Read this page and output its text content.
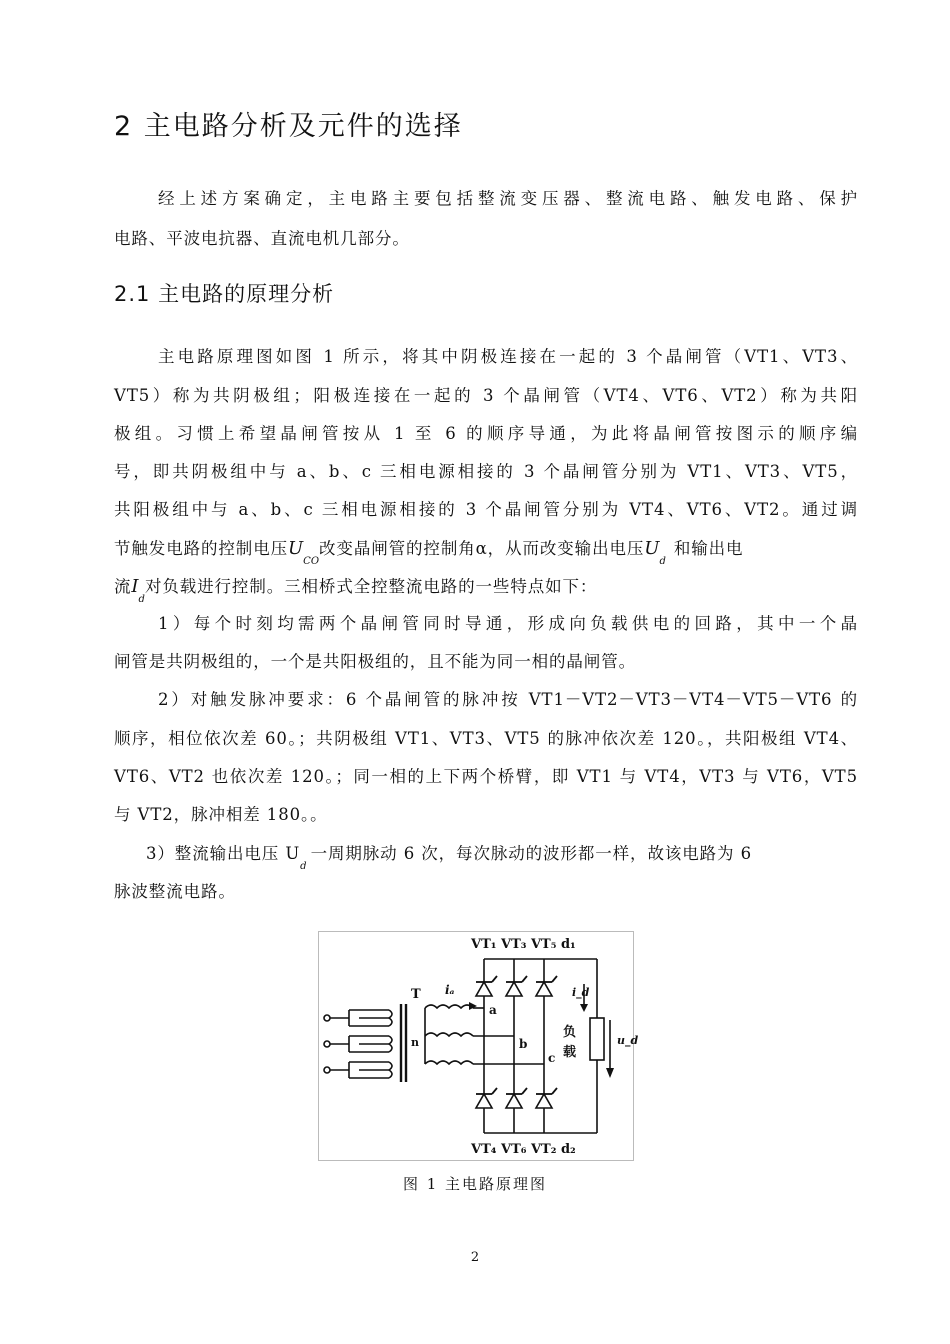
2 主电路分析及元件的选择
经上述方案确定，主电路主要包括整流变压器、整流电路、触发电路、保护
电路、平波电抗器、直流电机几部分。
2.1 主电路的原理分析
主电路原理图如图 1 所示，将其中阴极连接在一起的 3 个晶闸管（VT1、VT3、
VT5）称为共阴极组；阳极连接在一起的 3 个晶闸管（VT4、VT6、VT2）称为共阳
极组。习惯上希望晶闸管按从 1 至 6 的顺序导通，为此将晶闸管按图示的顺序编
号，即共阴极组中与 a、b、c 三相电源相接的 3 个晶闸管分别为 VT1、VT3、VT5，
共阳极组中与 a、b、c 三相电源相接的 3 个晶闸管分别为 VT4、VT6、VT2。通过调
节触发电路的控制电压$U_{CO}$改变晶闸管的控制角α，从而改变输出电压$U_d$和输出电
流$I_d$对负载进行控制。三相桥式全控整流电路的一些特点如下：
1）每个时刻均需两个晶闸管同时导通，形成向负载供电的回路，其中一个晶
闸管是共阴极组的，一个是共阳极组的，且不能为同一相的晶闸管。
2）对触发脉冲要求：6 个晶闸管的脉冲按 VT1－VT2－VT3－VT4－VT5－VT6 的
顺序，相位依次差 60。；共阴极组 VT1、VT3、VT5 的脉冲依次差 120。，共阳极组 VT4、
VT6、VT2 也依次差 120。；同一相的上下两个桥臂，即 VT1 与 VT4，VT3 与 VT6，VT5
与 VT2，脉冲相差 180。。
3）整流输出电压 $U_d$一周期脉动 6 次，每次脉动的波形都一样，故该电路为 6
脉波整流电路。
VT₁ VT₃ VT₅ d₁
VT₄ VT₆ VT₂ d₂
T
n
iₐ
a
b
c
i_d
负
载
u_d
图 1 主电路原理图
2
